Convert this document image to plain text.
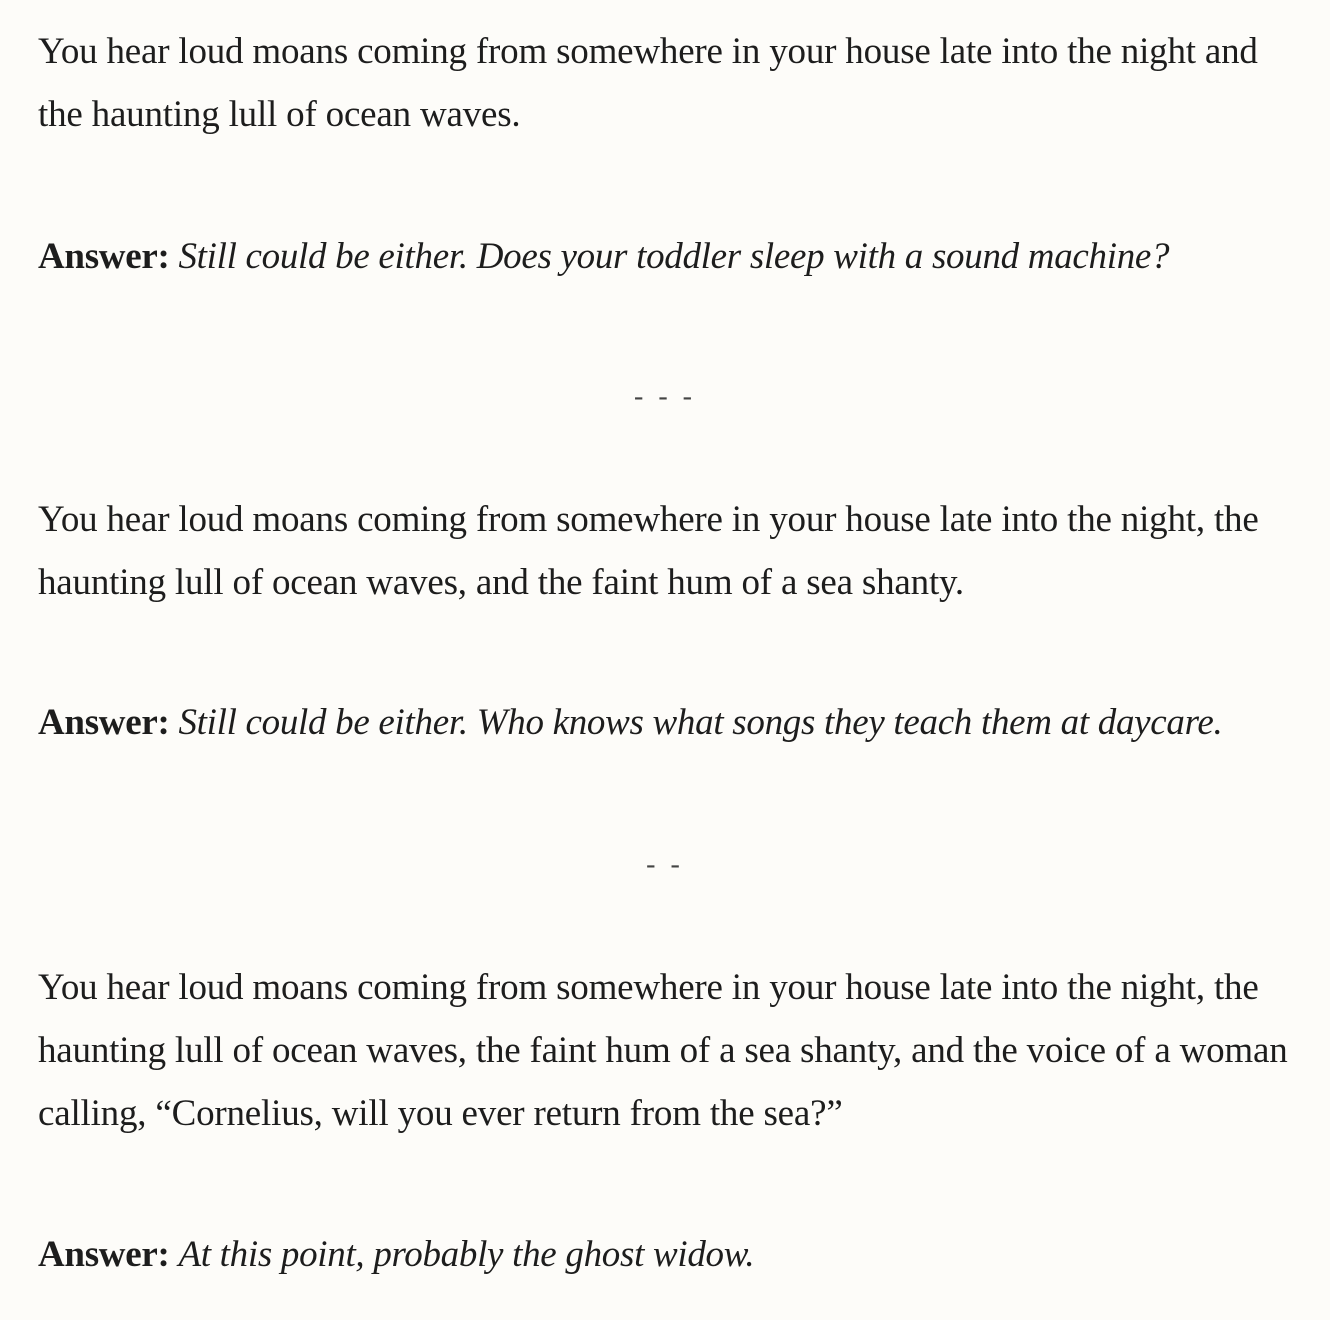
You hear loud moans coming from somewhere in your house late into the night and the haunting lull of ocean waves.

Answer: Still could be either. Does your toddler sleep with a sound machine?

- - -

You hear loud moans coming from somewhere in your house late into the night, the haunting lull of ocean waves, and the faint hum of a sea shanty.

Answer: Still could be either. Who knows what songs they teach them at daycare.

- -

You hear loud moans coming from somewhere in your house late into the night, the haunting lull of ocean waves, the faint hum of a sea shanty, and the voice of a woman calling, “Cornelius, will you ever return from the sea?”

Answer: At this point, probably the ghost widow.
